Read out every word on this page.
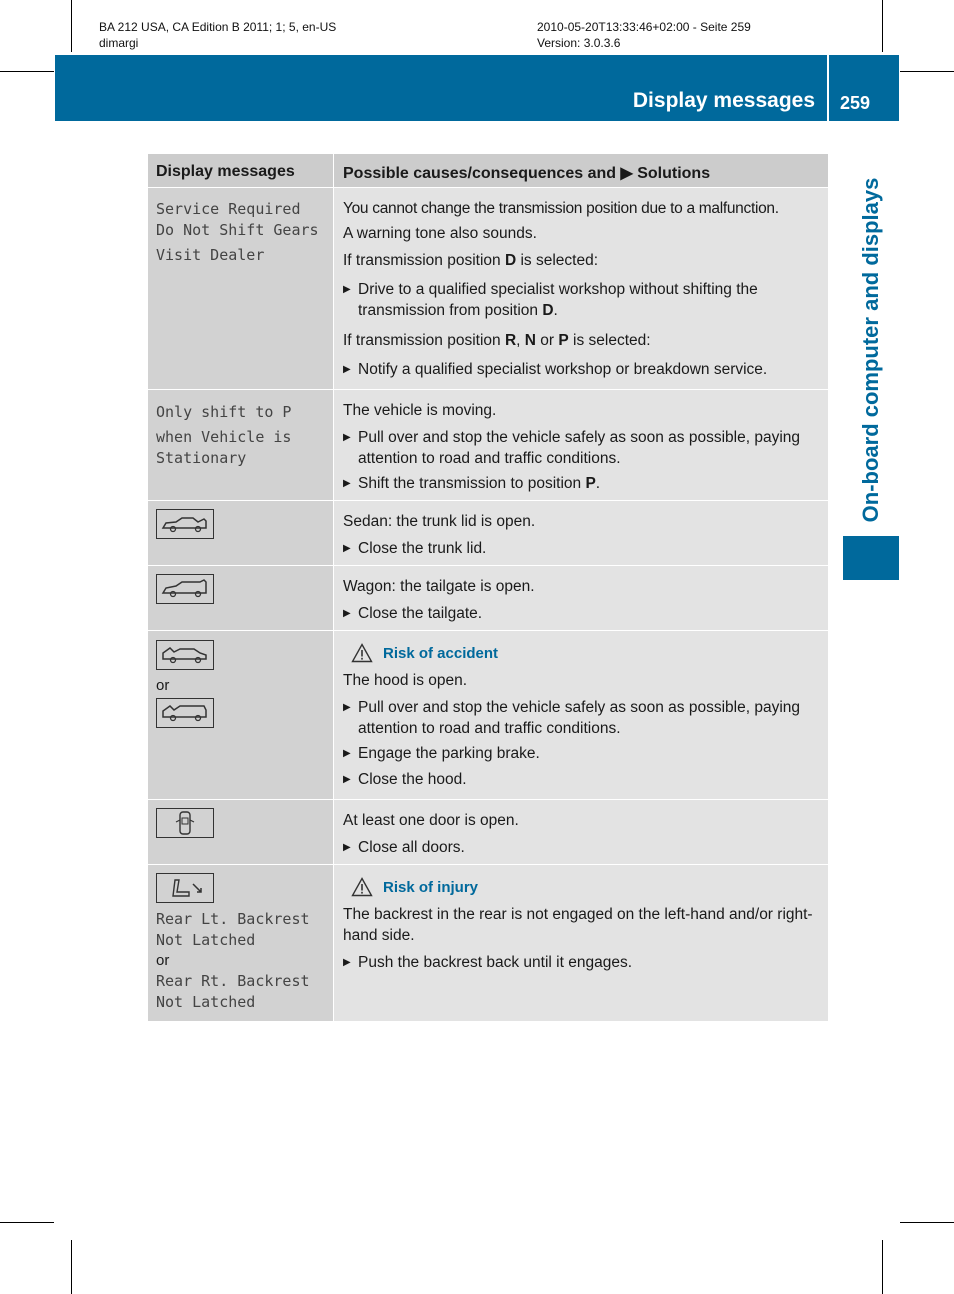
BA 212 USA, CA Edition B 2011; 1; 5, en-US
dimargi
2010-05-20T13:33:46+02:00 - Seite 259
Version: 3.0.3.6
Display messages 259
On-board computer and displays
Display messages	Possible causes/consequences and ▶ Solutions
Service Required
Do Not Shift Gears
Visit Dealer

You cannot change the transmission position due to a malfunction.

A warning tone also sounds.

If transmission position D is selected:

▶ Drive to a qualified specialist workshop without shifting the transmission from position D.

If transmission position R, N or P is selected:

▶ Notify a qualified specialist workshop or breakdown service.
Only shift to P
when Vehicle is
Stationary

The vehicle is moving.

▶ Pull over and stop the vehicle safely as soon as possible, paying attention to road and traffic conditions.
▶ Shift the transmission to position P.

Sedan: the trunk lid is open.

▶ Close the trunk lid.

Wagon: the tailgate is open.

▶ Close the tailgate.
or
Risk of accident

The hood is open.

▶ Pull over and stop the vehicle safely as soon as possible, paying attention to road and traffic conditions.
▶ Engage the parking brake.
▶ Close the hood.

At least one door is open.

▶ Close all doors.
Rear Lt. Backrest
Not Latched
or
Rear Rt. Backrest
Not Latched
Risk of injury

The backrest in the rear is not engaged on the left-hand and/or right-hand side.

▶ Push the backrest back until it engages.
